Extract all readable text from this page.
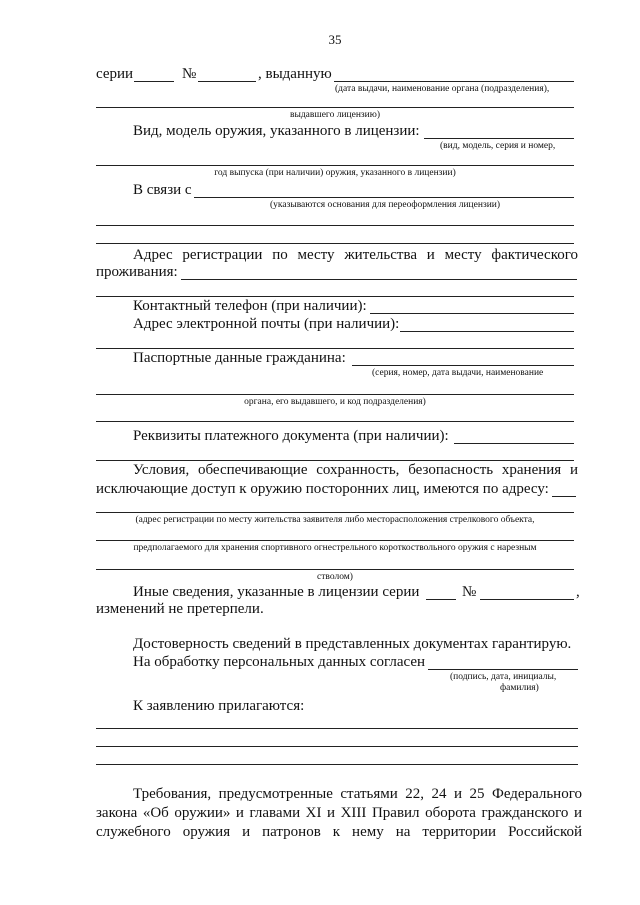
35
серии	№	, выданную
(дата выдачи, наименование органа (подразделения),
выдавшего лицензию)
Вид, модель оружия, указанного в лицензии:
(вид, модель, серия и номер,
год выпуска (при наличии) оружия, указанного в лицензии)
В связи с
(указываются основания для переоформления лицензии)
Адрес регистрации по месту жительства и месту фактического
проживания:
Контактный телефон (при наличии):
Адрес электронной почты (при наличии):
Паспортные данные гражданина:
(серия, номер, дата выдачи, наименование
органа, его выдавшего, и код подразделения)
Реквизиты платежного документа (при наличии):
Условия, обеспечивающие сохранность, безопасность хранения и
исключающие доступ к оружию посторонних лиц, имеются по адресу:
(адрес регистрации по месту жительства заявителя либо месторасположения стрелкового объекта,
предполагаемого для хранения спортивного огнестрельного короткоствольного оружия с нарезным
стволом)
Иные сведения, указанные в лицензии серии	№	,
изменений не претерпели.
Достоверность сведений в представленных документах гарантирую.
На обработку персональных данных согласен
(подпись, дата, инициалы,
фамилия)
К заявлению прилагаются:
Требования, предусмотренные статьями 22, 24 и 25 Федерального
закона «Об оружии» и главами XI и XIII Правил оборота гражданского и
служебного оружия и патронов к нему на территории Российской
